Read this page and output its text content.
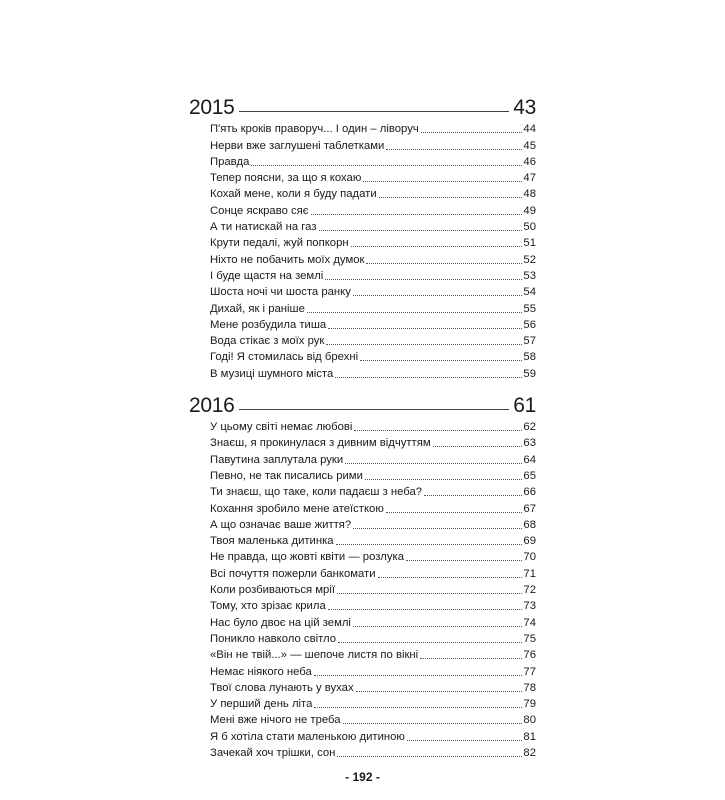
2015	43
П'ять кроків праворуч... І один – ліворуч	44
Нерви вже заглушені таблетками	45
Правда	46
Тепер поясни, за що я кохаю	47
Кохай мене, коли я буду падати	48
Сонце яскраво сяє	49
А ти натискай на газ	50
Крути педалі, жуй попкорн	51
Ніхто не побачить моїх думок	52
І буде щастя на землі	53
Шоста ночі чи шоста ранку	54
Дихай, як і раніше	55
Мене розбудила тиша	56
Вода стікає з моїх рук	57
Годі! Я стомилась від брехні	58
В музиці шумного міста	59
2016	61
У цьому світі немає любові	62
Знаєш, я прокинулася з дивним відчуттям	63
Павутина заплутала руки	64
Певно, не так писались рими	65
Ти знаєш, що таке, коли падаєш з неба?	66
Кохання зробило мене атеїсткою	67
А що означає ваше життя?	68
Твоя маленька дитинка	69
Не правда, що жовті квіти — розлука	70
Всі почуття пожерли банкомати	71
Коли розбиваються мрії	72
Тому, хто зрізає крила	73
Нас було двоє на цій землі	74
Поникло навколо світло	75
«Він не твій...» — шепоче листя по вікні	76
Немає ніякого неба	77
Твої слова лунають у вухах	78
У перший день літа	79
Мені вже нічого не треба	80
Я б хотіла стати маленькою дитиною	81
Зачекай хоч трішки, сон	82
- 192 -
